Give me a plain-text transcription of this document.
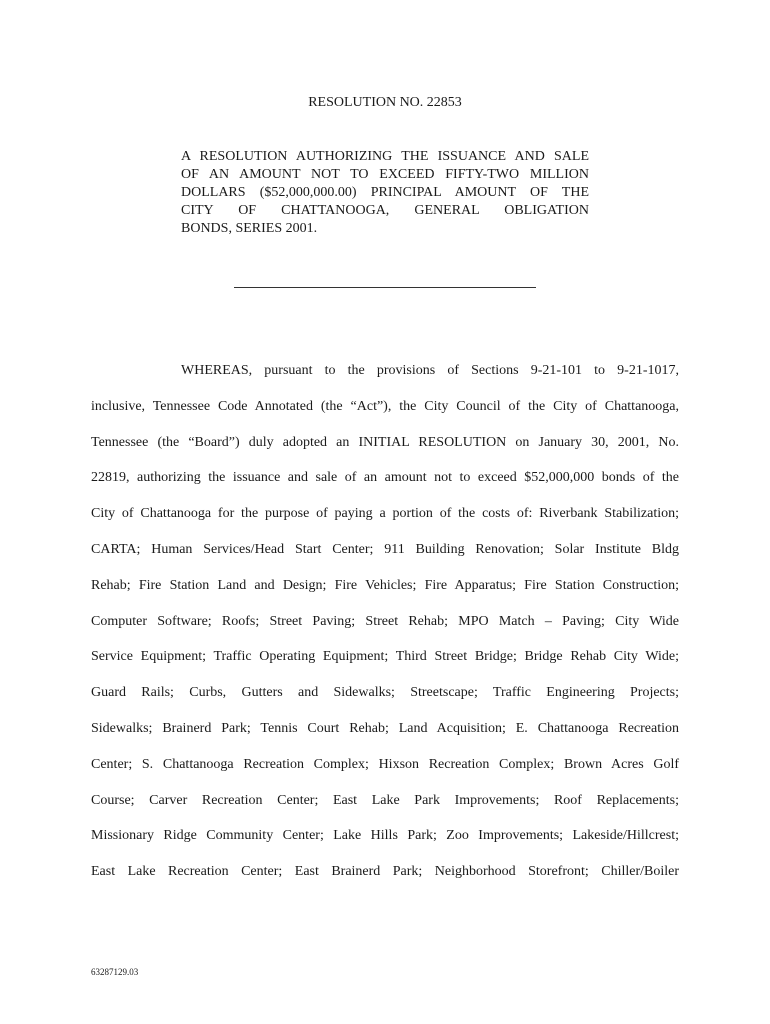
RESOLUTION NO. 22853
A RESOLUTION AUTHORIZING THE ISSUANCE AND SALE
OF AN AMOUNT NOT TO EXCEED FIFTY-TWO MILLION
DOLLARS ($52,000,000.00) PRINCIPAL AMOUNT OF THE
CITY OF CHATTANOOGA, GENERAL OBLIGATION
BONDS, SERIES 2001.
WHEREAS, pursuant to the provisions of Sections 9-21-101 to 9-21-1017,
inclusive, Tennessee Code Annotated (the “Act”), the City Council of the City of Chattanooga,
Tennessee (the “Board”) duly adopted an INITIAL RESOLUTION on January 30, 2001, No.
22819, authorizing the issuance and sale of an amount not to exceed $52,000,000 bonds of the
City of Chattanooga for the purpose of paying a portion of the costs of: Riverbank Stabilization;
CARTA; Human Services/Head Start Center; 911 Building Renovation; Solar Institute Bldg
Rehab; Fire Station Land and Design; Fire Vehicles; Fire Apparatus; Fire Station Construction;
Computer Software; Roofs; Street Paving; Street Rehab; MPO Match – Paving; City Wide
Service Equipment; Traffic Operating Equipment; Third Street Bridge; Bridge Rehab City Wide;
Guard Rails; Curbs, Gutters and Sidewalks; Streetscape; Traffic Engineering Projects;
Sidewalks; Brainerd Park; Tennis Court Rehab; Land Acquisition; E. Chattanooga Recreation
Center; S. Chattanooga Recreation Complex; Hixson Recreation Complex; Brown Acres Golf
Course; Carver Recreation Center; East Lake Park Improvements; Roof Replacements;
Missionary Ridge Community Center; Lake Hills Park; Zoo Improvements; Lakeside/Hillcrest;
East Lake Recreation Center; East Brainerd Park; Neighborhood Storefront; Chiller/Boiler
63287129.03
